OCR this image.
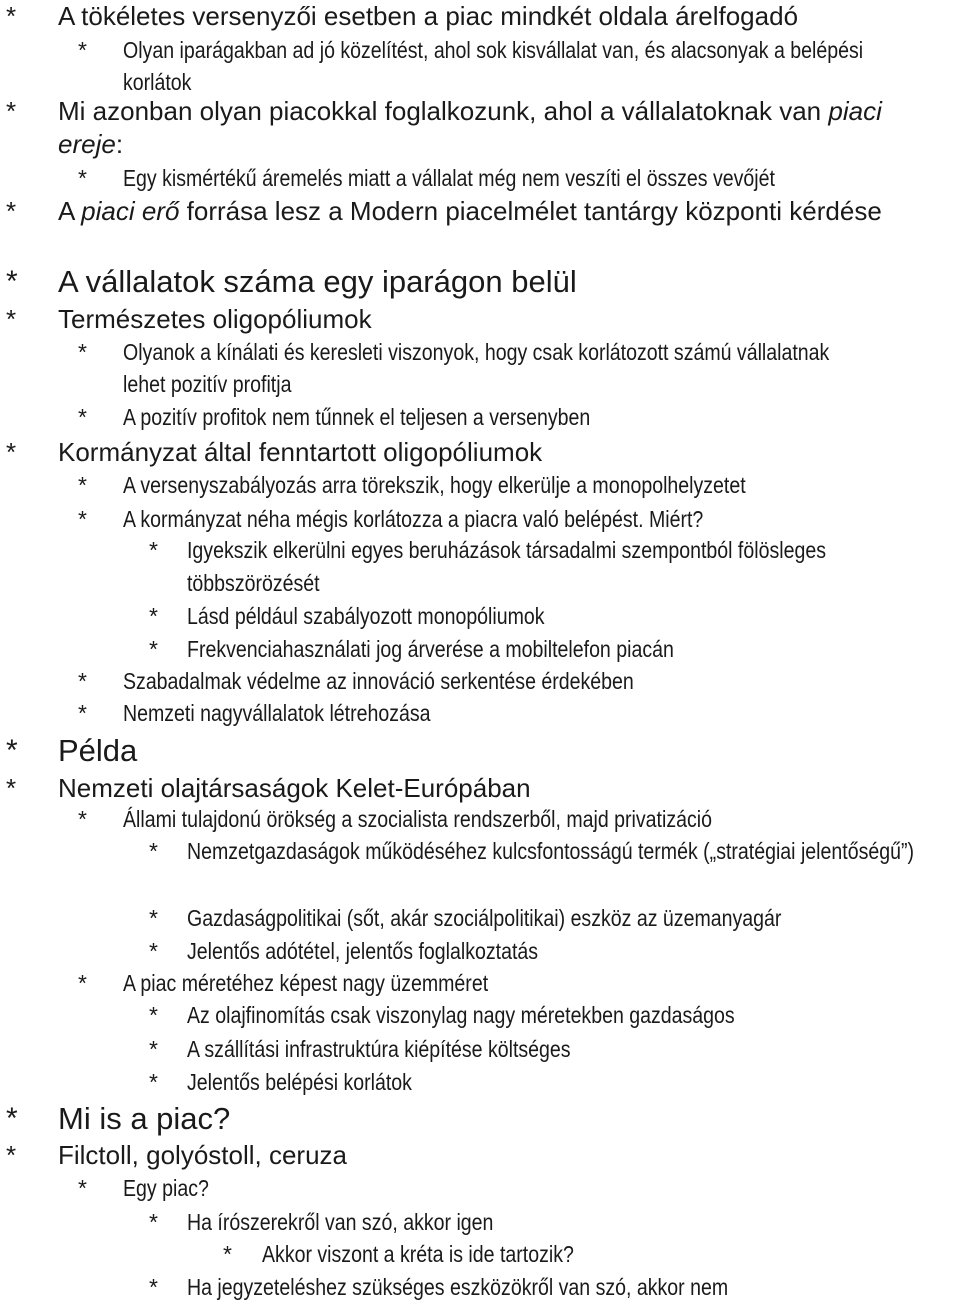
* A tökéletes versenyzői esetben a piac mindkét oldala árelfogadó
* Olyan iparágakban ad jó közelítést, ahol sok kisvállalat van, és alacsonyak a belépési korlátok
* Mi azonban olyan piacokkal foglalkozunk, ahol a vállalatoknak van piaci ereje:
* Egy kismértékű áremelés miatt a vállalat még nem veszíti el összes vevőjét
* A piaci erő forrása lesz a Modern piacelmélet tantárgy központi kérdése
* A vállalatok száma egy iparágon belül
* Természetes oligopóliumok
* Olyanok a kínálati és keresleti viszonyok, hogy csak korlátozott számú vállalatnak lehet pozitív profitja
* A pozitív profitok nem tűnnek el teljesen a versenyben
* Kormányzat által fenntartott oligopóliumok
* A versenyszabályozás arra törekszik, hogy elkerülje a monopolhelyzetet
* A kormányzat néha mégis korlátozza a piacra való belépést. Miért?
* Igyekszik elkerülni egyes beruházások társadalmi szempontból fölösleges többszörözését
* Lásd például szabályozott monopóliumok
* Frekvenciahasználati jog árverése a mobiltelefon piacán
* Szabadalmak védelme az innováció serkentése érdekében
* Nemzeti nagyvállalatok létrehozása
* Példa
* Nemzeti olajtársaságok Kelet-Európában
* Állami tulajdonú örökség a szocialista rendszerből, majd privatizáció
* Nemzetgazdaságok működéséhez kulcsfontosságú termék („stratégiai jelentőségű”)
* Gazdaságpolitikai (sőt, akár szociálpolitikai) eszköz az üzemanyagár
* Jelentős adótétel, jelentős foglalkoztatás
* A piac méretéhez képest nagy üzemméret
* Az olajfinomítás csak viszonylag nagy méretekben gazdaságos
* A szállítási infrastruktúra kiépítése költséges
* Jelentős belépési korlátok
* Mi is a piac?
* Filctoll, golyóstoll, ceruza
* Egy piac?
* Ha írószerekről van szó, akkor igen
* Akkor viszont a kréta is ide tartozik?
* Ha jegyzeteléshez szükséges eszközökről van szó, akkor nem
